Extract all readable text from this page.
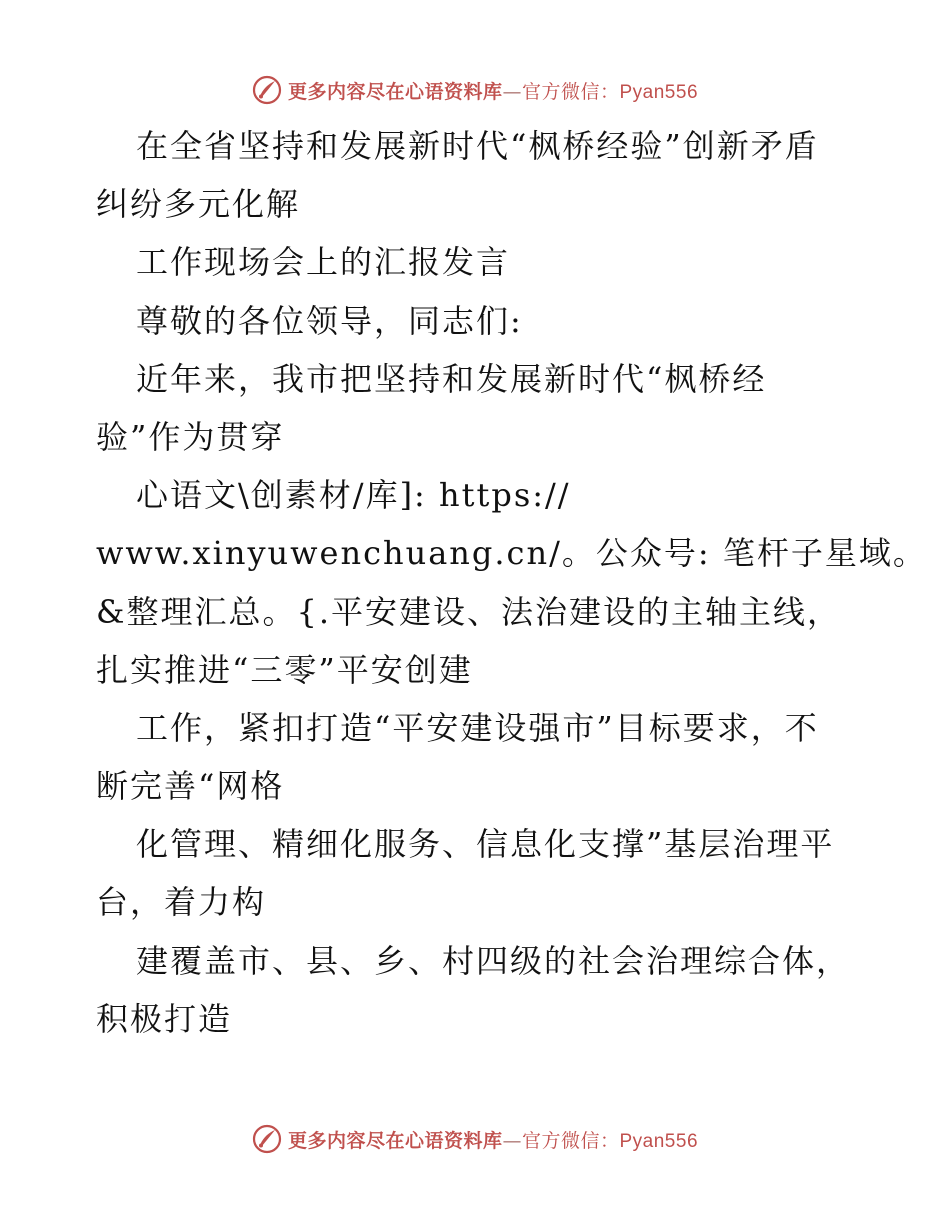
更多内容尽在心语资料库—官方微信：Pyan556
在全省坚持和发展新时代“枫桥经验”创新矛盾
纠纷多元化解
工作现场会上的汇报发言
尊敬的各位领导，同志们:
近年来，我市把坚持和发展新时代“枫桥经
验”作为贯穿
心语文\创素材/库]: https://
www.xinyuwenchuang.cn/。公众号: 笔杆子星域。
&整理汇总。{.平安建设、法治建设的主轴主线，
扎实推进“三零”平安创建
工作，紧扣打造“平安建设强市”目标要求，不
断完善“网格
化管理、精细化服务、信息化支撑”基层治理平
台，着力构
建覆盖市、县、乡、村四级的社会治理综合体，
积极打造
更多内容尽在心语资料库—官方微信：Pyan556
